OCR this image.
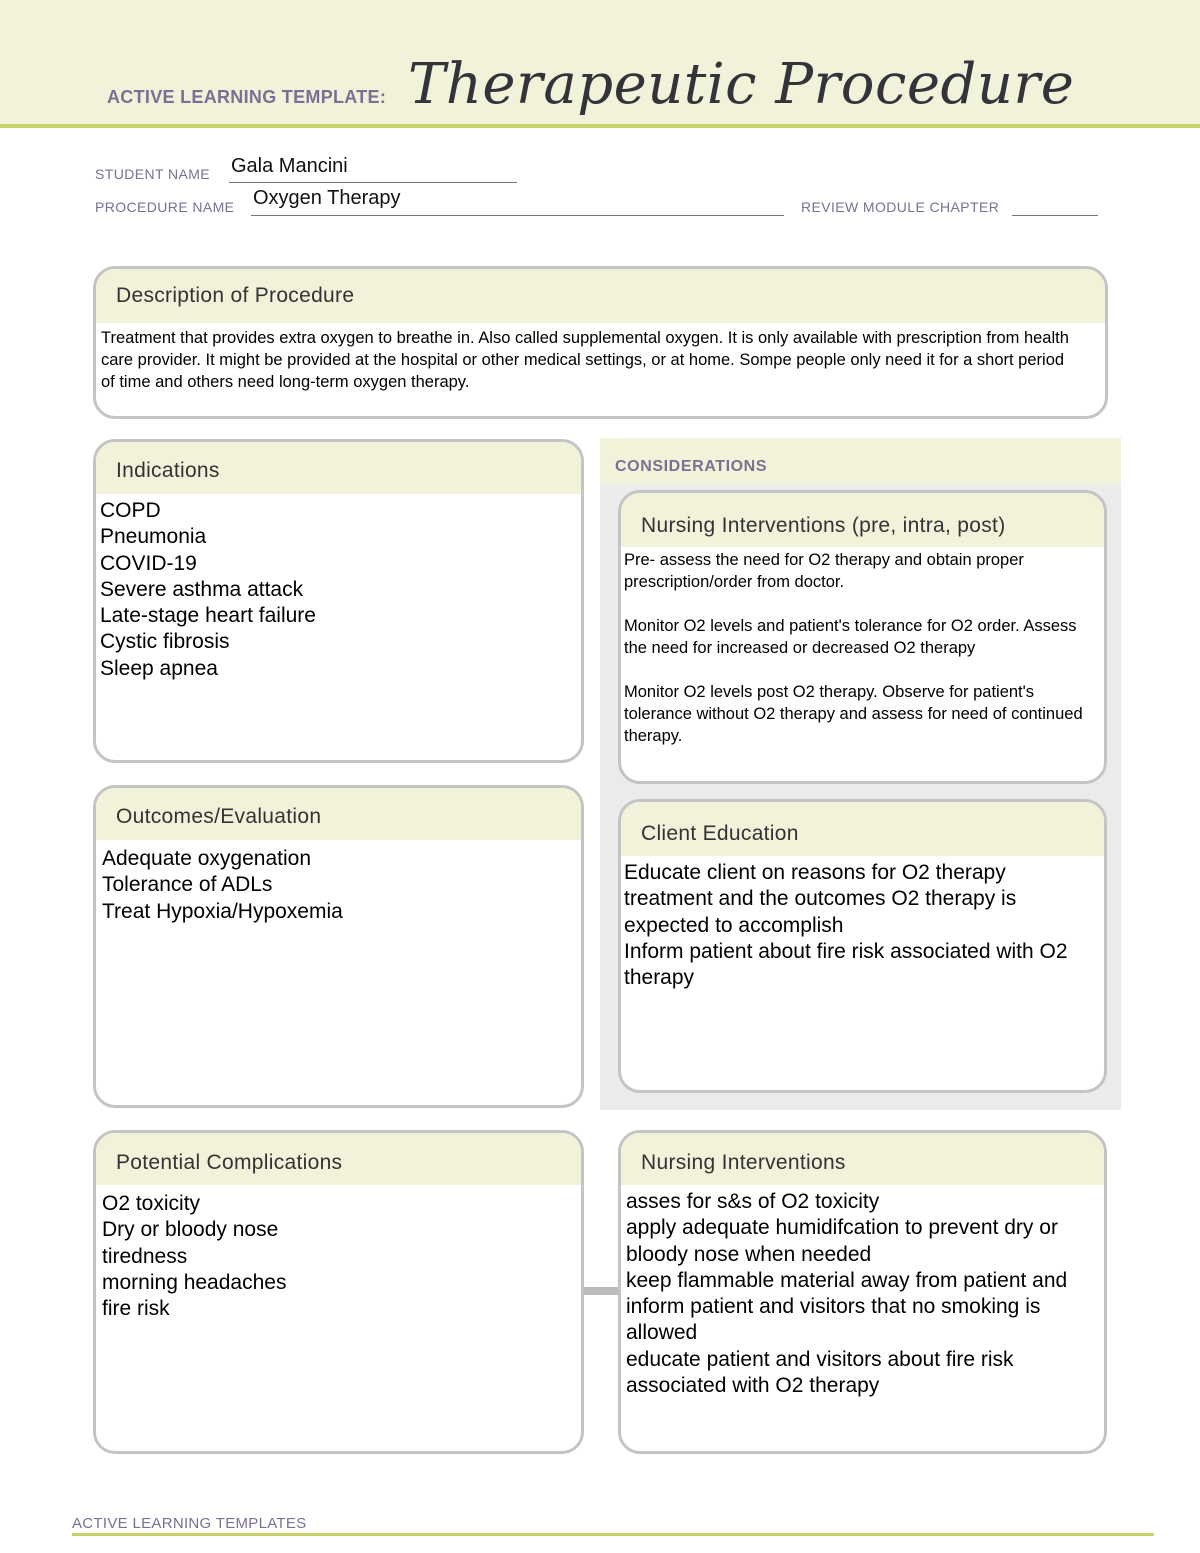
ACTIVE LEARNING TEMPLATE: Therapeutic Procedure
STUDENT NAME Gala Mancini
PROCEDURE NAME Oxygen Therapy	REVIEW MODULE CHAPTER
Description of Procedure
Treatment that provides extra oxygen to breathe in. Also called supplemental oxygen. It is only available with prescription from health care provider. It might be provided at the hospital or other medical settings, or at home. Sompe people only need it for a short period of time and others need long-term oxygen therapy.
CONSIDERATIONS
Indications
COPD
Pneumonia
COVID-19
Severe asthma attack
Late-stage heart failure
Cystic fibrosis
Sleep apnea
Nursing Interventions (pre, intra, post)
Pre- assess the need for O2 therapy and obtain proper prescription/order from doctor.
Monitor O2 levels and patient's tolerance for O2 order. Assess the need for increased or decreased O2 therapy
Monitor O2 levels post O2 therapy. Observe for patient's tolerance without O2 therapy and assess for need of continued therapy.
Outcomes/Evaluation
Adequate oxygenation
Tolerance of ADLs
Treat Hypoxia/Hypoxemia
Client Education
Educate client on reasons for O2 therapy treatment and the outcomes O2 therapy is expected to accomplish
Inform patient about fire risk associated with O2 therapy
Potential Complications
O2 toxicity
Dry or bloody nose
tiredness
morning headaches
fire risk
Nursing Interventions
asses for s&s of O2 toxicity
apply adequate humidifcation to prevent dry or bloody nose when needed
keep flammable material away from patient and inform patient and visitors that no smoking is allowed
educate patient and visitors about fire risk associated with O2 therapy
ACTIVE LEARNING TEMPLATES
